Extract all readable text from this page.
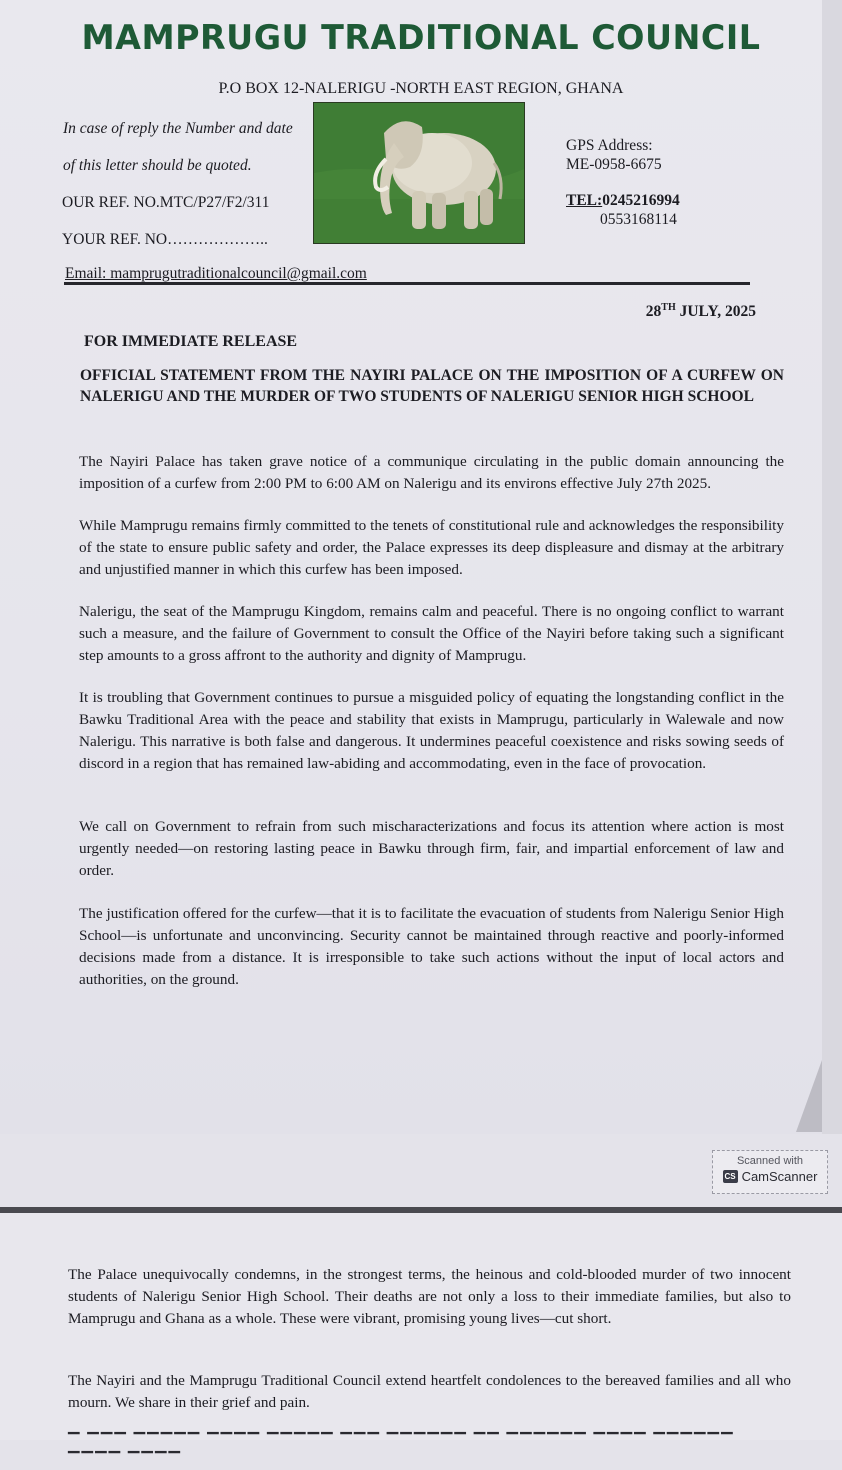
MAMPRUGU TRADITIONAL COUNCIL
P.O BOX 12-NALERIGU -NORTH EAST REGION, GHANA
In case of reply the Number and date
of this letter should be quoted.
OUR REF. NO.MTC/P27/F2/311
YOUR REF. NO………………..
GPS Address:
ME-0958-6675
TEL:0245216994
0553168114
Email: mamprugutraditionalcouncil@gmail.com
28TH JULY, 2025
FOR IMMEDIATE RELEASE
OFFICIAL STATEMENT FROM THE NAYIRI PALACE ON THE IMPOSITION OF A CURFEW ON NALERIGU AND THE MURDER OF TWO STUDENTS OF NALERIGU SENIOR HIGH SCHOOL

The Nayiri Palace has taken grave notice of a communique circulating in the public domain announcing the imposition of a curfew from 2:00 PM to 6:00 AM on Nalerigu and its environs effective July 27th 2025.

While Mamprugu remains firmly committed to the tenets of constitutional rule and acknowledges the responsibility of the state to ensure public safety and order, the Palace expresses its deep displeasure and dismay at the arbitrary and unjustified manner in which this curfew has been imposed.

Nalerigu, the seat of the Mamprugu Kingdom, remains calm and peaceful. There is no ongoing conflict to warrant such a measure, and the failure of Government to consult the Office of the Nayiri before taking such a significant step amounts to a gross affront to the authority and dignity of Mamprugu.

It is troubling that Government continues to pursue a misguided policy of equating the longstanding conflict in the Bawku Traditional Area with the peace and stability that exists in Mamprugu, particularly in Walewale and now Nalerigu. This narrative is both false and dangerous. It undermines peaceful coexistence and risks sowing seeds of discord in a region that has remained law-abiding and accommodating, even in the face of provocation.

We call on Government to refrain from such mischaracterizations and focus its attention where action is most urgently needed—on restoring lasting peace in Bawku through firm, fair, and impartial enforcement of law and order.

The justification offered for the curfew—that it is to facilitate the evacuation of students from Nalerigu Senior High School—is unfortunate and unconvincing. Security cannot be maintained through reactive and poorly-informed decisions made from a distance. It is irresponsible to take such actions without the input of local actors and authorities, on the ground.

Scanned with
CS CamScanner

The Palace unequivocally condemns, in the strongest terms, the heinous and cold-blooded murder of two innocent students of Nalerigu Senior High School. Their deaths are not only a loss to their immediate families, but also to Mamprugu and Ghana as a whole. These were vibrant, promising young lives—cut short.

The Nayiri and the Mamprugu Traditional Council extend heartfelt condolences to the bereaved families and all who mourn. We share in their grief and pain.

▔ ▔▔▔ ▔▔▔▔▔ ▔▔▔▔ ▔▔▔▔▔ ▔▔▔ ▔▔▔▔▔▔ ▔▔ ▔▔▔▔▔▔ ▔▔▔▔ ▔▔▔▔▔▔ ▔▔▔▔ ▔▔▔▔
